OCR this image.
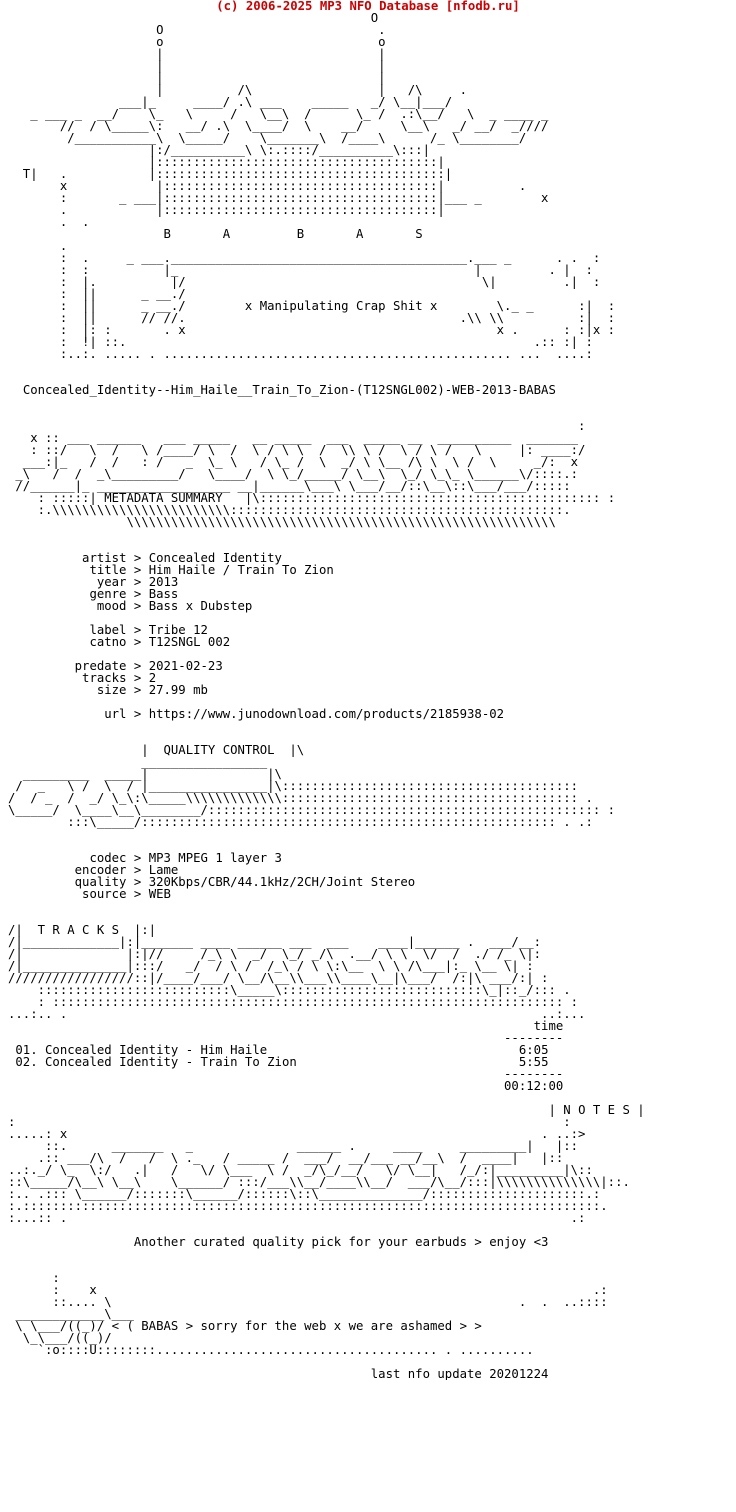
(c) 2006-2025 MP3 NFO Database [nfodb.ru]
O
O                             .
o                             o
|                             |
|                             |
|                             |
|          /\                 |   /\     .
___|_     ____/ .\ ___    _____   _/ \__|___/
_ ___ _  __/    \_   \     /   \__\  /      \_ /  .:\__/   \  _ ____ _
//  / \_____\:   __/ .\  \____/  \    __/     \__\   _/ __/  _////
/___________\  \_____/    \_______\  /____\      /_ \________/
|:/__________\ \:.::::/__________\:::|
|::::::::::::::::::::::::::::::::::::::|
T|   .           |:::::::::::::::::::::::::::::::::::::::|
x            |:::::::::::::::::::::::::::::::::::::|          .
:       _ ___|:::::::::::::::::::::::::::::::::::::|___ _        x
.            |:::::::::::::::::::::::::::::::::::::|
.  .
B       A         B       A       S
.
:  .     _ ___.________________________________________.___ _      . .  :
:  :          |_                                        |         . |  :
:  |.          |/                                        \|         .|  :
:  ||      _ __./
:  ||      _ __./        x Manipulating Crap Shit x        \._ _      :|  :
:  ||      // //.                                     .\\ \\          :|  :
:  |: :       . x                                          x .      : :|x :
:  !| ::.                                                       .:: :| :
:..:. ..... . ............................................... ...  ....:
Concealed_Identity--Him_Haile__Train_To_Zion-(T12SNGL002)-WEB-2013-BABAS
:
x :: ___ ______   ___ _____   __ _____  ___  _____ __  __________  _______
: ::/   \  /   \ /____/ \  /  \ / \ \  /  \\ \ /  \ / \ /   \     |: ____:/
___:|_   /  /   : /   _  \_ \   / \_ /  \  _/ \ \__ /\ \  \ /  \     _/:  x
_\   /  /  _\_________/   \____/  \ \_/_____/ \__\  \_/ \_\_ \______\/::::.:
//______|_ __________________ __|______\___\ \___/__/::\__\::\___/___/:::::
: :::::| METADATA SUMMARY   |\:::::::::::::::::::::::::::::::::::::::::::::: :
:.\\\\\\\\\\\\\\\\\\\\\\\\:::::::::::::::::::::::::::::::::::::::::::::.
\\\\\\\\\\\\\\\\\\\\\\\\\\\\\\\\\\\\\\\\\\\\\\\\\\\\\\\\\\
artist > Concealed Identity
title > Him Haile / Train To Zion
year > 2013
genre > Bass
mood > Bass x Dubstep
label > Tribe 12
catno > T12SNGL 002
predate > 2021-02-23
tracks > 2
size > 27.99 mb
url > https://www.junodownload.com/products/2185938-02
|  QUALITY CONTROL  |\
_________________
_________  _____|                |\
/  _   \ /  \  / |________________|\::::::::::::::::::::::::::::::::::::::::
/  / _  /  _/ \_\:\_____\\\\\\\\\\\\\:::::::::::::::::::::::::::::::::::::::: .
\_____/  \____\__\________/::::::::::::::::::::::::::::::::::::::::::::::::::::: :
:::\_____/:::::::::::::::::::::::::::::::::::::::::::::::::::::::: . .:
codec > MP3 MPEG 1 layer 3
encoder > Lame
quality > 320Kbps/CBR/44.1kHz/2CH/Joint Stereo
source > WEB
/|  T R A C K S  |:|
/|_____________|:|_______ ____ ______ ___  ___    ____|______ .  ___/__:
/|              |:|//     /_\ \  _/  \_/ _/\  .__/ \ \  \/  /  ./ /_ \|:
/|______________|:::/   _/  / \ /  /_\ / \ \:\__  \ \ /\___|:_ \__ \| :
/////////////////::|/____/___/ \__/\__\\___\\____\__|\___/  /:|\ ___/:| :
::::::::::::::::::::::::::\_____\:::::::::::::::::::::::::::\_|::_/::: .
: ::::::::::::::::::::::::::::::::::::::::::::::::::::::::::::::::::::: :
...:.. .                                                                ..:...
time
--------
01. Concealed Identity - Him Haile	6:05
02. Concealed Identity - Train To Zion	5:55
--------
00:12:00
| N O T E S |
:                                                                          :
.....: x                                                                . ..:>
::.      _______   _              ______ .     ____     _________|   |::
.:: ___/\  /   /  \ ._   / _____ /  ___/  __/___ __/__\  /  ____|   |::
..:._/ \_  \:/   .|   /   \/ \___  \ /  _/\_/__/   \/ \__|   /_/:|_________|\::
::\_____/\__\ \__\    \______/ :::/___\\__/____\\__/  ___/\__/:::|\\\\\\\\\\\\\\|::.
:.. .::: \______/:::::::\______/::::::\::\______________/:::::::::::::::::::::.:
:.::::::::::::::::::::::::::::::::::::::::::::::::::::::::::::::::::::::::::::::.
:...:: .                                                                    .:
Another curated quality pick for your earbuds > enjoy <3
:
:    x                                                                   .:
::.... \                                                       .  .  ..::::
____________\___
\ \___/((_)/ < ( BABAS > sorry for the web x we are ashamed > >
\_\___/((_)/
`:o::::U::::::::...................................... . ..........
last nfo update 20201224
